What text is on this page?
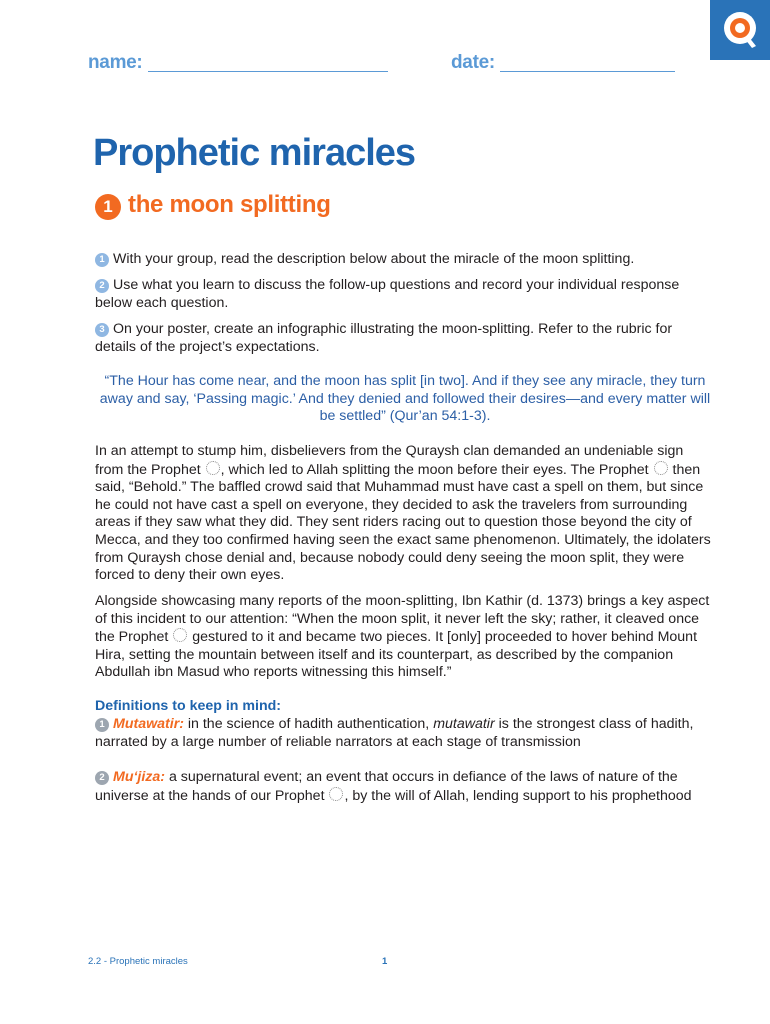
name:	date:
Prophetic miracles
1 the moon splitting
1 With your group, read the description below about the miracle of the moon splitting.
2 Use what you learn to discuss the follow-up questions and record your individual response below each question.
3 On your poster, create an infographic illustrating the moon-splitting. Refer to the rubric for details of the project’s expectations.
“The Hour has come near, and the moon has split [in two]. And if they see any miracle, they turn away and say, ‘Passing magic.’ And they denied and followed their desires—and every matter will be settled” (Qur’an 54:1-3).
In an attempt to stump him, disbelievers from the Quraysh clan demanded an undeniable sign from the Prophet , which led to Allah splitting the moon before their eyes. The Prophet  then said, “Behold.” The baffled crowd said that Muhammad must have cast a spell on them, but since he could not have cast a spell on everyone, they decided to ask the travelers from surrounding areas if they saw what they did. They sent riders racing out to question those beyond the city of Mecca, and they too confirmed having seen the exact same phenomenon. Ultimately, the idolaters from Quraysh chose denial and, because nobody could deny seeing the moon split, they were forced to deny their own eyes.
Alongside showcasing many reports of the moon-splitting, Ibn Kathir (d. 1373) brings a key aspect of this incident to our attention: “When the moon split, it never left the sky; rather, it cleaved once the Prophet  gestured to it and became two pieces. It [only] proceeded to hover behind Mount Hira, setting the mountain between itself and its counterpart, as described by the companion Abdullah ibn Masud who reports witnessing this himself.”
Definitions to keep in mind:
1 Mutawatir: in the science of hadith authentication, mutawatir is the strongest class of hadith, narrated by a large number of reliable narrators at each stage of transmission
2 Mu‘jiza: a supernatural event; an event that occurs in defiance of the laws of nature of the universe at the hands of our Prophet , by the will of Allah, lending support to his prophethood
2.2 - Prophetic miracles	1
